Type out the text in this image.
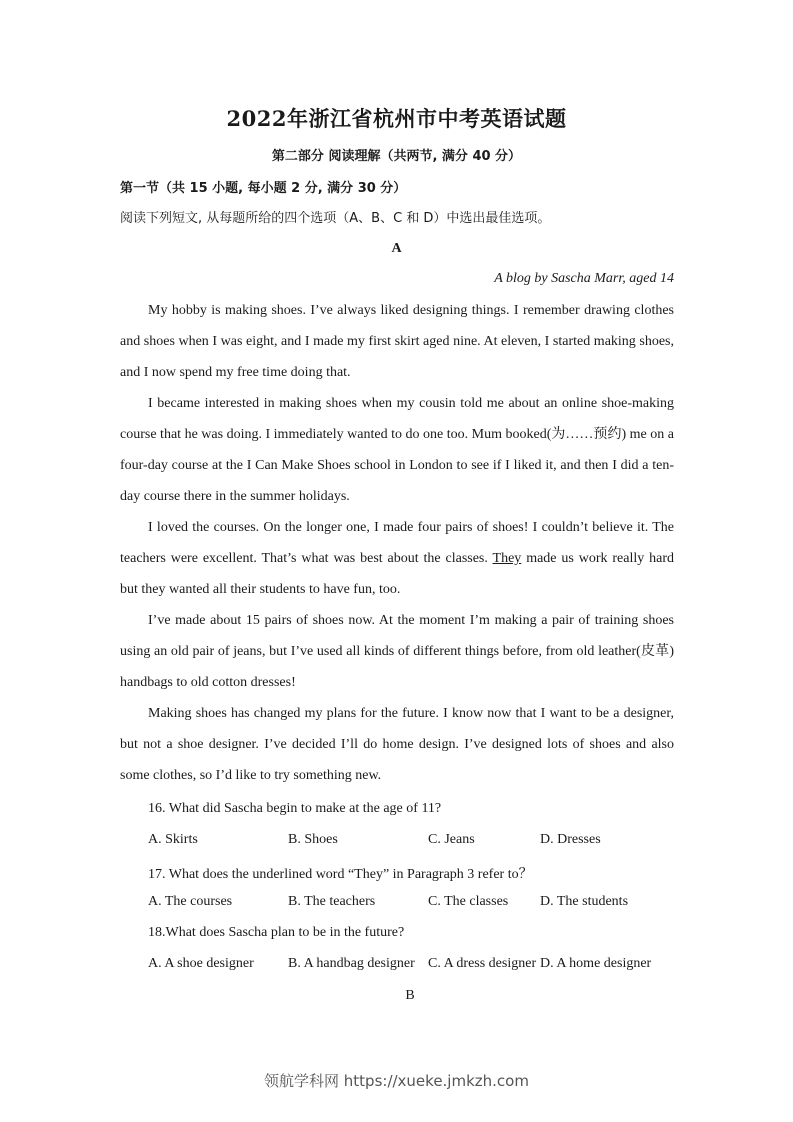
2022年浙江省杭州市中考英语试题
第二部分 阅读理解（共两节, 满分 40 分）
第一节（共 15 小题, 每小题 2 分, 满分 30 分）
阅读下列短文, 从每题所给的四个选项（A、B、C 和 D）中选出最佳选项。
A
A blog by Sascha Marr, aged 14

My hobby is making shoes. I’ve always liked designing things. I remember drawing clothes and shoes when I was eight, and I made my first skirt aged nine. At eleven, I started making shoes, and I now spend my free time doing that.

I became interested in making shoes when my cousin told me about an online shoe-making course that he was doing. I immediately wanted to do one too. Mum booked(为……预约) me on a four-day course at the I Can Make Shoes school in London to see if I liked it, and then I did a ten-day course there in the summer holidays.

I loved the courses. On the longer one, I made four pairs of shoes! I couldn’t believe it. The teachers were excellent. That’s what was best about the classes. They made us work really hard but they wanted all their students to have fun, too.

I’ve made about 15 pairs of shoes now. At the moment I’m making a pair of training shoes using an old pair of jeans, but I’ve used all kinds of different things before, from old leather(皮革) handbags to old cotton dresses!

Making shoes has changed my plans for the future. I know now that I want to be a designer, but not a shoe designer. I’ve decided I’ll do home design. I’ve designed lots of shoes and also some clothes, so I’d like to try something new.

16. What did Sascha begin to make at the age of 11?
A. Skirts	B. Shoes	C. Jeans	D. Dresses
17. What does the underlined word “They” in Paragraph 3 refer to？
A. The courses	B. The teachers	C. The classes D. The students
18.What does Sascha plan to be in the future?
A. A shoe designer B. A handbag designer C. A dress designer D. A home designer
B
领航学科网 https://xueke.jmkzh.com
